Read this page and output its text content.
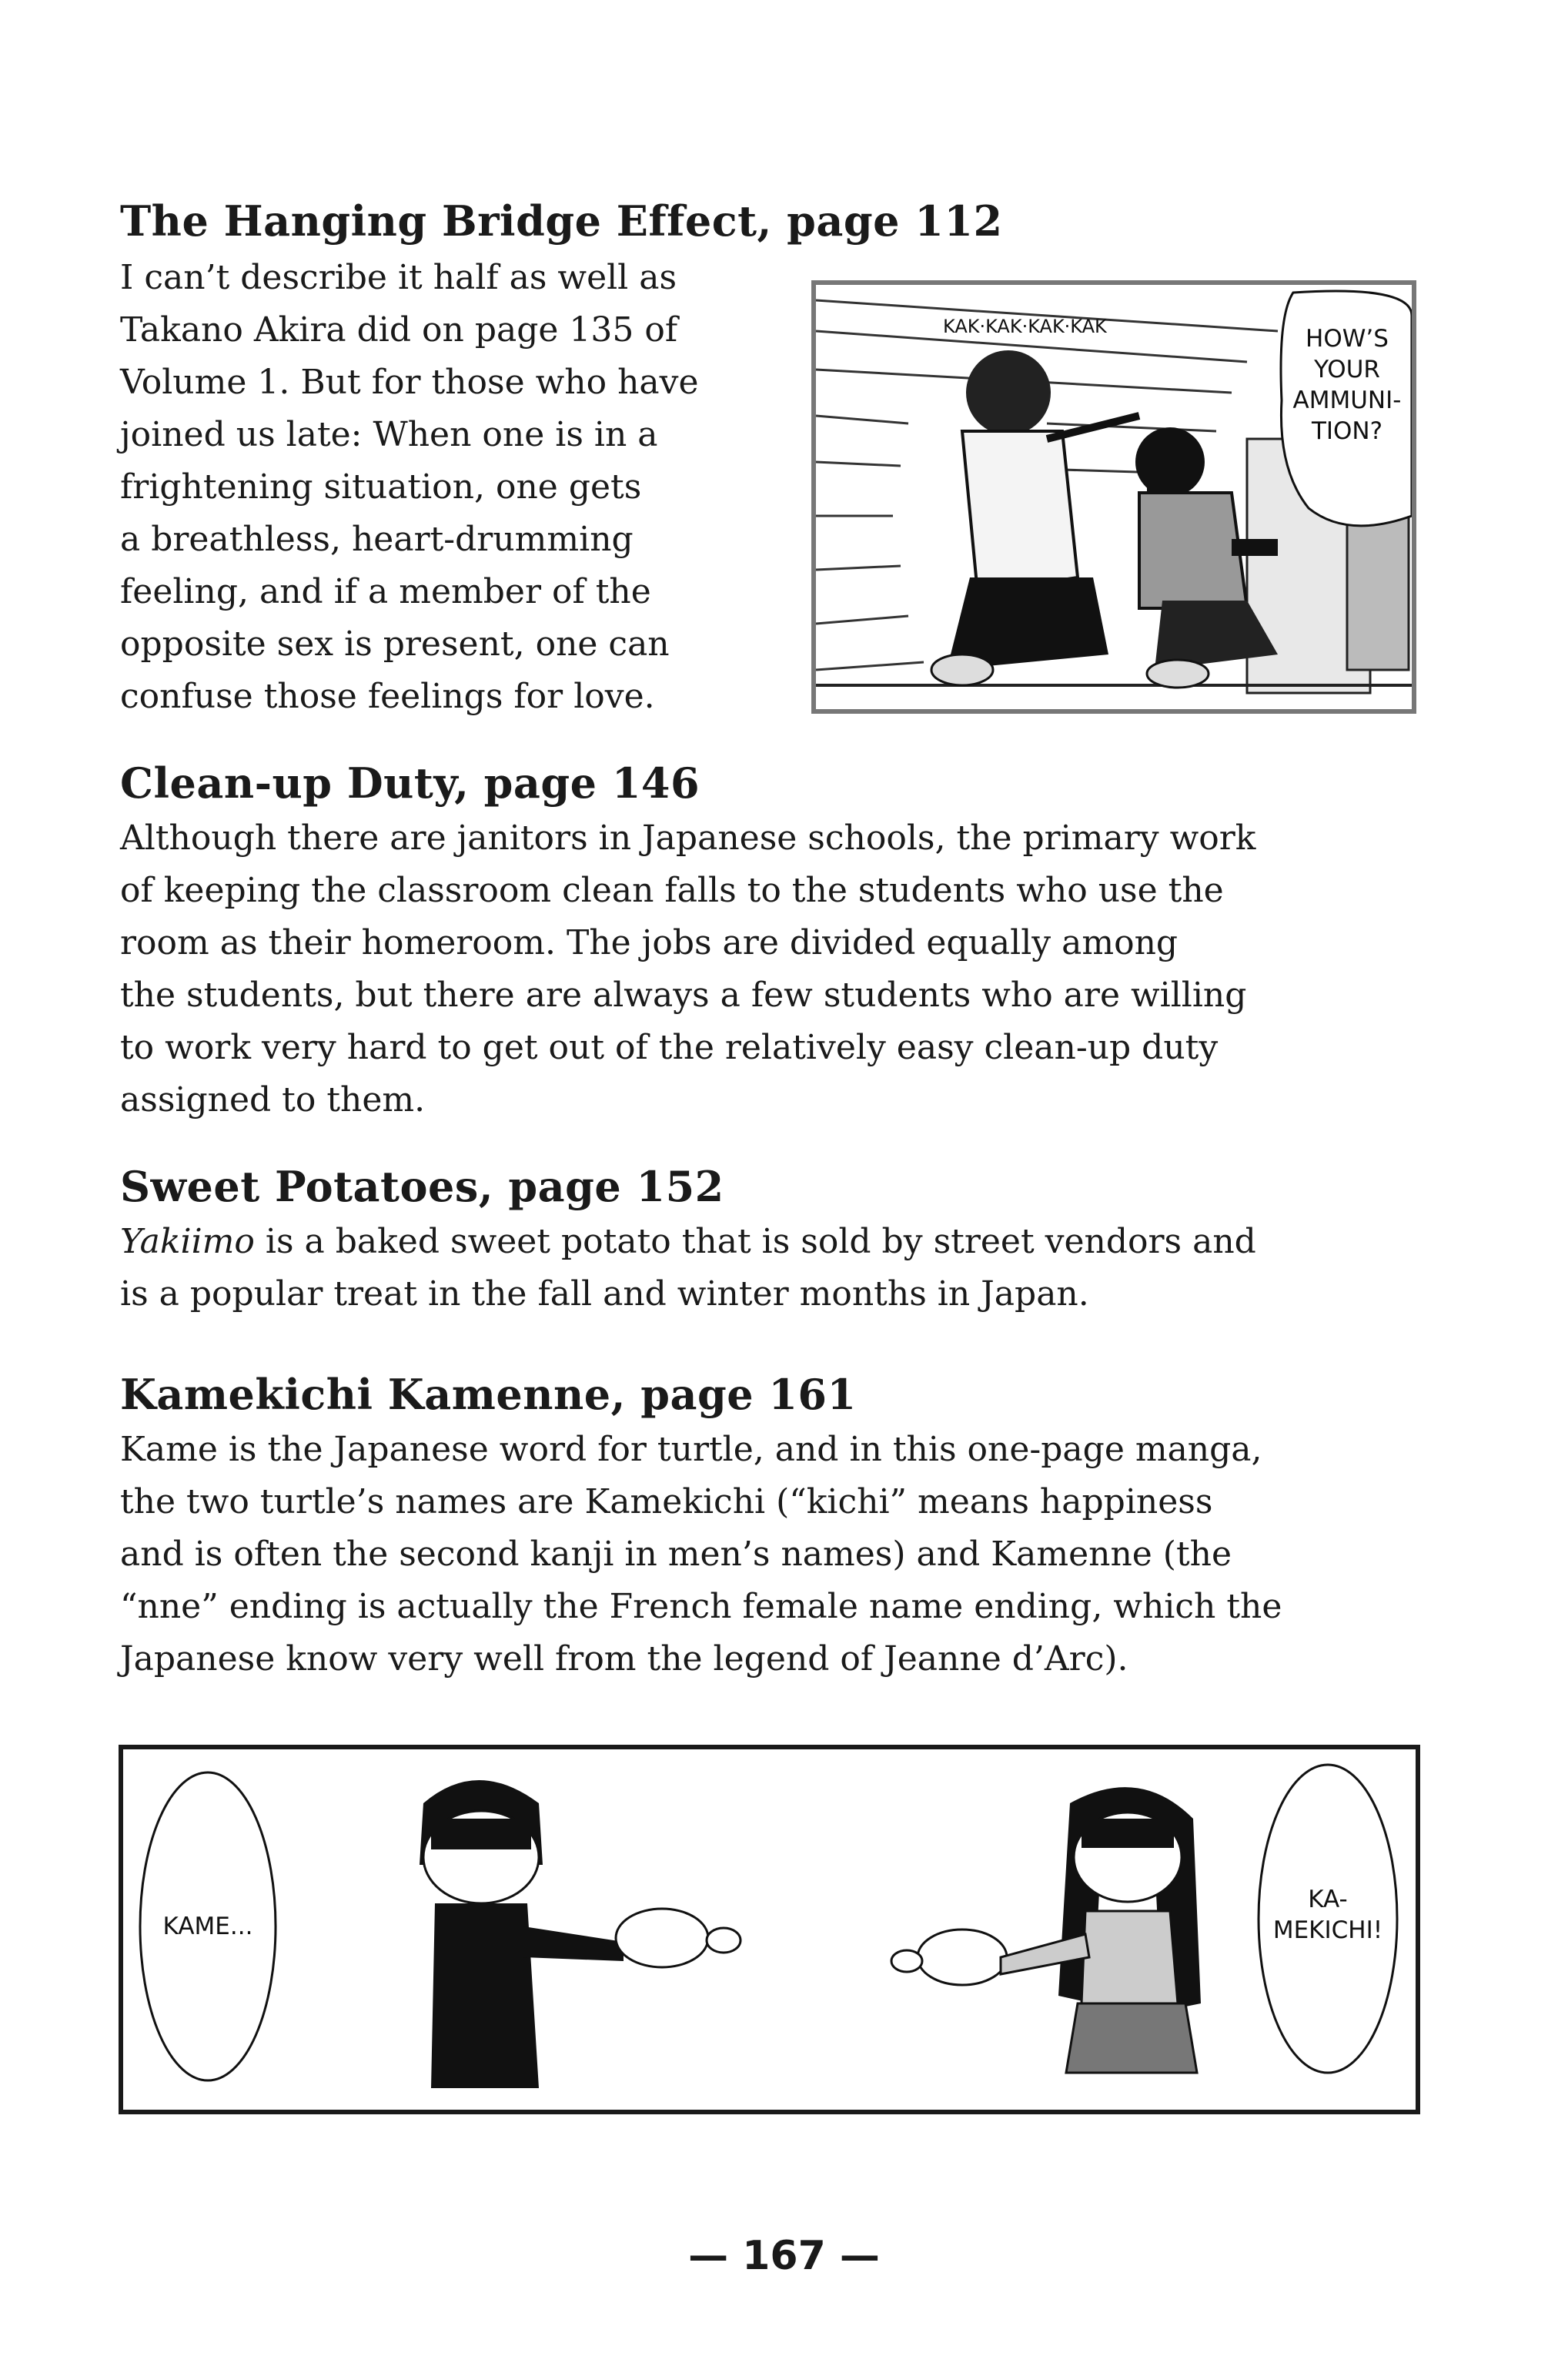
The Hanging Bridge Effect, page 112
I can’t describe it half as well as
Takano Akira did on page 135 of
Volume 1. But for those who have
joined us late: When one is in a
frightening situation, one gets
a breathless, heart-drumming
feeling, and if a member of the
opposite sex is present, one can
confuse those feelings for love.
KAK·KAK·KAK·KAK	HOW’S
YOUR
AMMUNI-
TION?
Clean-up Duty, page 146
Although there are janitors in Japanese schools, the primary work
of keeping the classroom clean falls to the students who use the
room as their homeroom. The jobs are divided equally among
the students, but there are always a few students who are willing
to work very hard to get out of the relatively easy clean-up duty
assigned to them.
Sweet Potatoes, page 152
Yakiimo is a baked sweet potato that is sold by street vendors and
is a popular treat in the fall and winter months in Japan.
Kamekichi Kamenne, page 161
Kame is the Japanese word for turtle, and in this one-page manga,
the two turtle’s names are Kamekichi (“kichi” means happiness
and is often the second kanji in men’s names) and Kamenne (the
“nne” ending is actually the French female name ending, which the
Japanese know very well from the legend of Jeanne d’Arc).
KAME...
KA-
MEKICHI!
— 167 —
